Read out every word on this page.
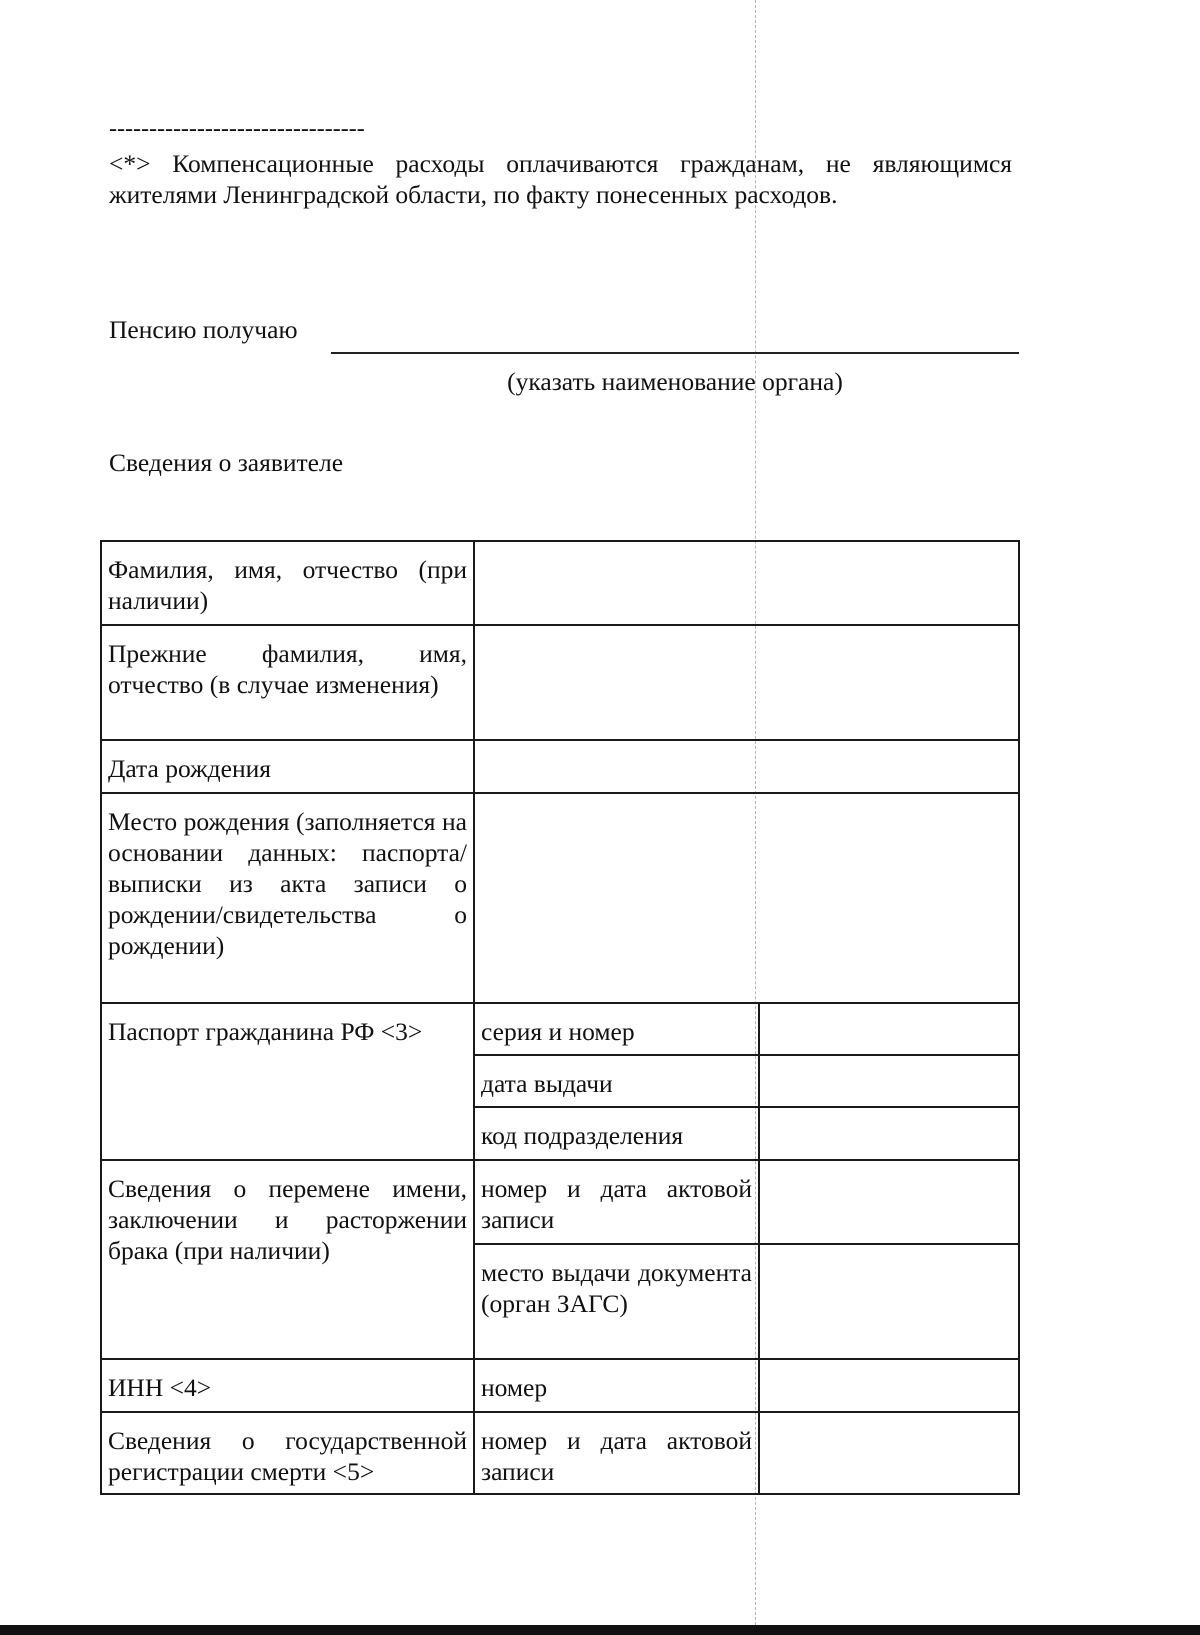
--------------------------------
<*> Компенсационные расходы оплачиваются гражданам, не являющимся жителями Ленинградской области, по факту понесенных расходов.
Пенсию получаю
(указать наименование органа)
Сведения о заявителе
Фамилия, имя, отчество (при наличии)		
Прежние фамилия, имя, отчество (в случае изменения)		
Дата рождения		
Место рождения (заполняется на основании данных: паспорта/выписки из акта записи о рождении/свидетельства о рождении)		
Паспорт гражданина РФ <3>	серия и номер	
	дата выдачи	
	код подразделения	
Сведения о перемене имени, заключении и расторжении брака (при наличии)	номер и дата актовой записи	
	место выдачи документа (орган ЗАГС)	
ИНН <4>	номер	
Сведения о государственной регистрации смерти <5>	номер и дата актовой записи	
